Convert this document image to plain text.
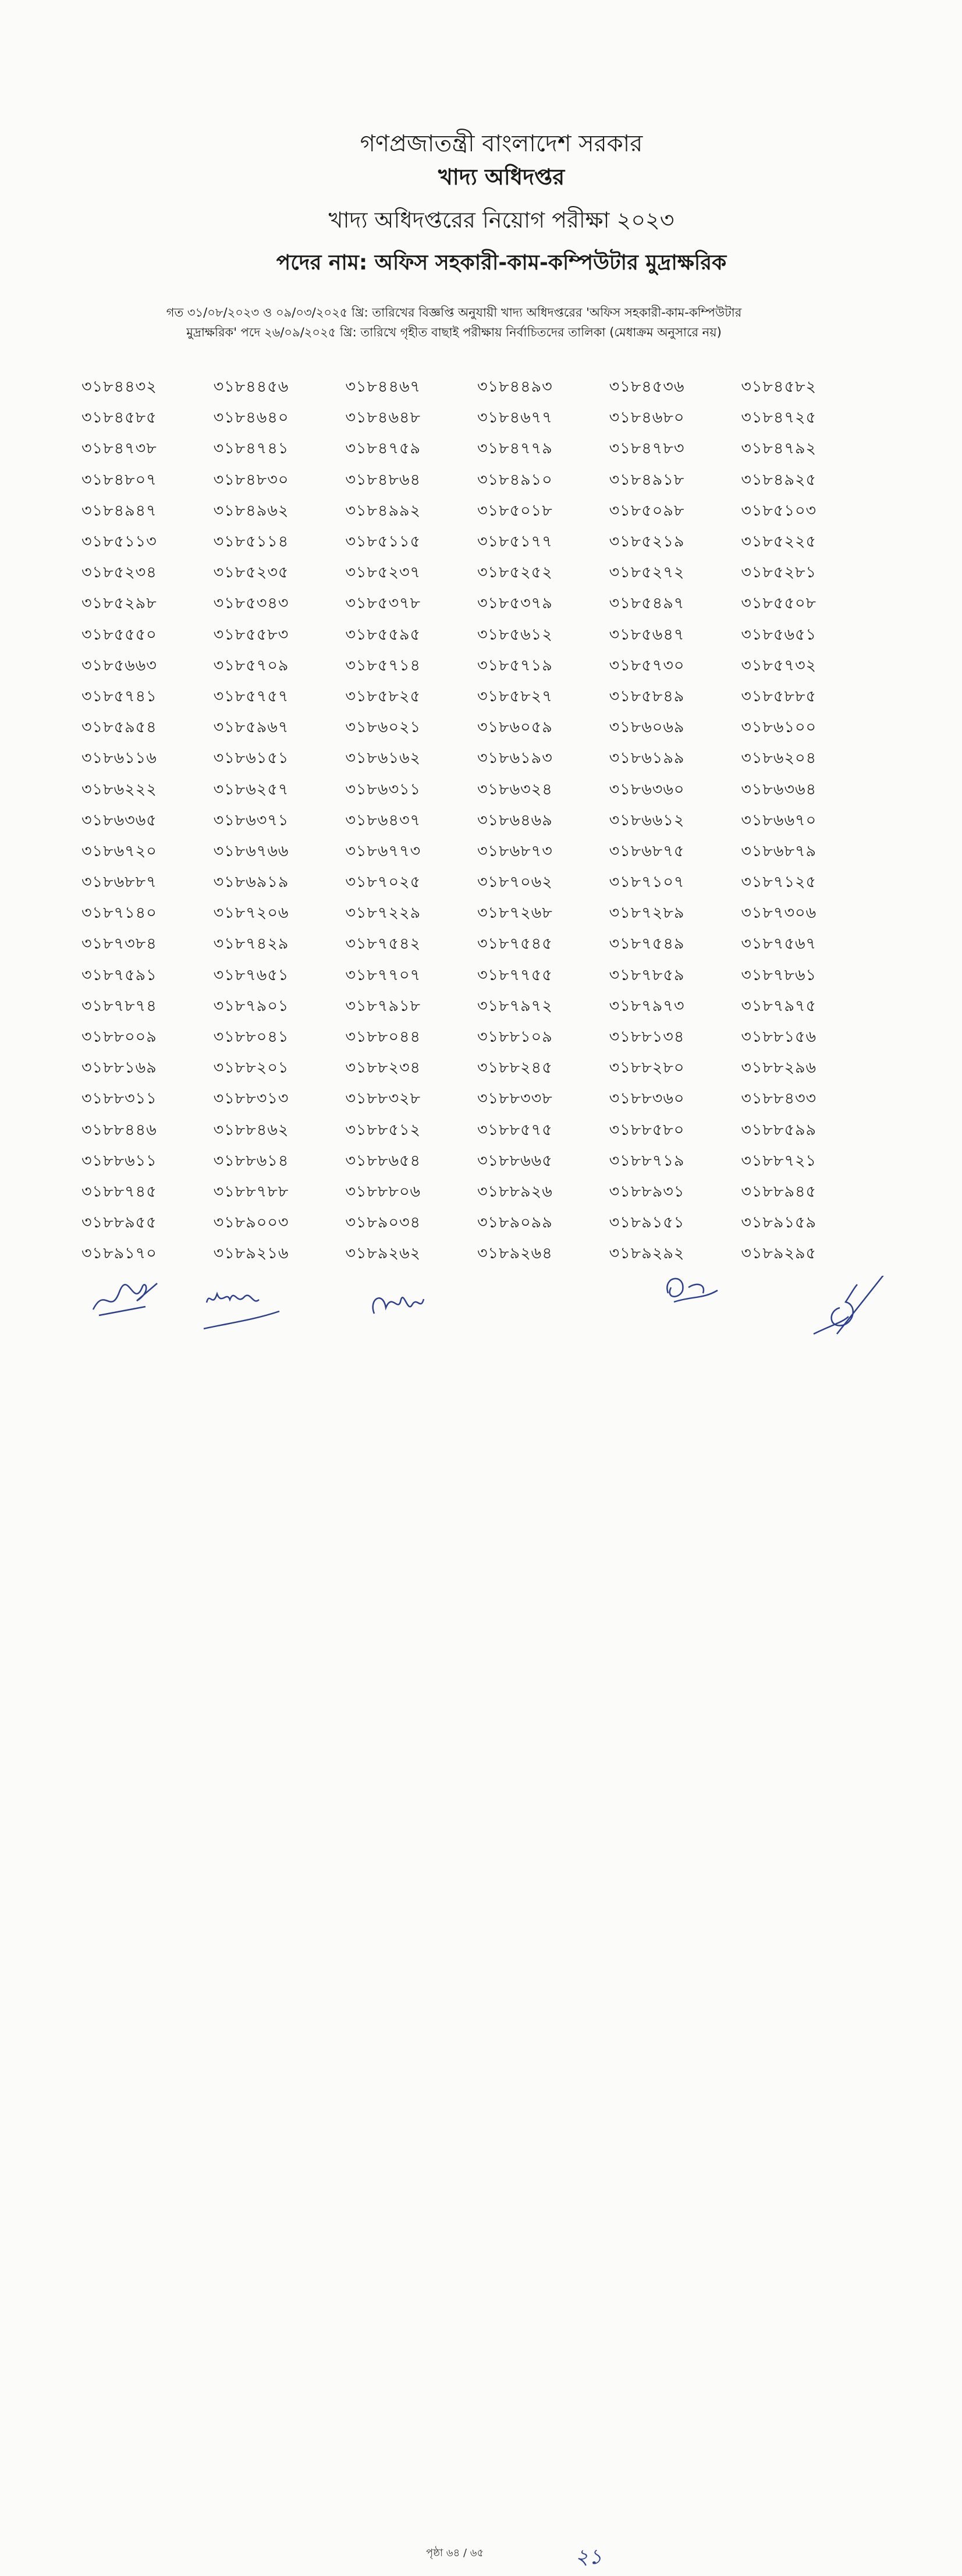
গণপ্রজাতন্ত্রী বাংলাদেশ সরকার
খাদ্য অধিদপ্তর
খাদ্য অধিদপ্তরের নিয়োগ পরীক্ষা ২০২৩
পদের নাম: অফিস সহকারী-কাম-কম্পিউটার মুদ্রাক্ষরিক
গত ৩১/০৮/২০২৩ ও ০৯/০৩/২০২৫ খ্রি: তারিখের বিজ্ঞপ্তি অনুযায়ী খাদ্য অধিদপ্তরের 'অফিস সহকারী-কাম-কম্পিউটার
মুদ্রাক্ষরিক' পদে ২৬/০৯/২০২৫ খ্রি: তারিখে গৃহীত বাছাই পরীক্ষায় নির্বাচিতদের তালিকা (মেধাক্রম অনুসারে নয়)
৩১৮৪৪৩২	৩১৮৪৪৫৬	৩১৮৪৪৬৭	৩১৮৪৪৯৩	৩১৮৪৫৩৬	৩১৮৪৫৮২
৩১৮৪৫৮৫	৩১৮৪৬৪০	৩১৮৪৬৪৮	৩১৮৪৬৭৭	৩১৮৪৬৮০	৩১৮৪৭২৫
৩১৮৪৭৩৮	৩১৮৪৭৪১	৩১৮৪৭৫৯	৩১৮৪৭৭৯	৩১৮৪৭৮৩	৩১৮৪৭৯২
৩১৮৪৮০৭	৩১৮৪৮৩০	৩১৮৪৮৬৪	৩১৮৪৯১০	৩১৮৪৯১৮	৩১৮৪৯২৫
৩১৮৪৯৪৭	৩১৮৪৯৬২	৩১৮৪৯৯২	৩১৮৫০১৮	৩১৮৫০৯৮	৩১৮৫১০৩
৩১৮৫১১৩	৩১৮৫১১৪	৩১৮৫১১৫	৩১৮৫১৭৭	৩১৮৫২১৯	৩১৮৫২২৫
৩১৮৫২৩৪	৩১৮৫২৩৫	৩১৮৫২৩৭	৩১৮৫২৫২	৩১৮৫২৭২	৩১৮৫২৮১
৩১৮৫২৯৮	৩১৮৫৩৪৩	৩১৮৫৩৭৮	৩১৮৫৩৭৯	৩১৮৫৪৯৭	৩১৮৫৫০৮
৩১৮৫৫৫০	৩১৮৫৫৮৩	৩১৮৫৫৯৫	৩১৮৫৬১২	৩১৮৫৬৪৭	৩১৮৫৬৫১
৩১৮৫৬৬৩	৩১৮৫৭০৯	৩১৮৫৭১৪	৩১৮৫৭১৯	৩১৮৫৭৩০	৩১৮৫৭৩২
৩১৮৫৭৪১	৩১৮৫৭৫৭	৩১৮৫৮২৫	৩১৮৫৮২৭	৩১৮৫৮৪৯	৩১৮৫৮৮৫
৩১৮৫৯৫৪	৩১৮৫৯৬৭	৩১৮৬০২১	৩১৮৬০৫৯	৩১৮৬০৬৯	৩১৮৬১০০
৩১৮৬১১৬	৩১৮৬১৫১	৩১৮৬১৬২	৩১৮৬১৯৩	৩১৮৬১৯৯	৩১৮৬২০৪
৩১৮৬২২২	৩১৮৬২৫৭	৩১৮৬৩১১	৩১৮৬৩২৪	৩১৮৬৩৬০	৩১৮৬৩৬৪
৩১৮৬৩৬৫	৩১৮৬৩৭১	৩১৮৬৪৩৭	৩১৮৬৪৬৯	৩১৮৬৬১২	৩১৮৬৬৭০
৩১৮৬৭২০	৩১৮৬৭৬৬	৩১৮৬৭৭৩	৩১৮৬৮৭৩	৩১৮৬৮৭৫	৩১৮৬৮৭৯
৩১৮৬৮৮৭	৩১৮৬৯১৯	৩১৮৭০২৫	৩১৮৭০৬২	৩১৮৭১০৭	৩১৮৭১২৫
৩১৮৭১৪০	৩১৮৭২০৬	৩১৮৭২২৯	৩১৮৭২৬৮	৩১৮৭২৮৯	৩১৮৭৩০৬
৩১৮৭৩৮৪	৩১৮৭৪২৯	৩১৮৭৫৪২	৩১৮৭৫৪৫	৩১৮৭৫৪৯	৩১৮৭৫৬৭
৩১৮৭৫৯১	৩১৮৭৬৫১	৩১৮৭৭০৭	৩১৮৭৭৫৫	৩১৮৭৮৫৯	৩১৮৭৮৬১
৩১৮৭৮৭৪	৩১৮৭৯০১	৩১৮৭৯১৮	৩১৮৭৯৭২	৩১৮৭৯৭৩	৩১৮৭৯৭৫
৩১৮৮০০৯	৩১৮৮০৪১	৩১৮৮০৪৪	৩১৮৮১০৯	৩১৮৮১৩৪	৩১৮৮১৫৬
৩১৮৮১৬৯	৩১৮৮২০১	৩১৮৮২৩৪	৩১৮৮২৪৫	৩১৮৮২৮০	৩১৮৮২৯৬
৩১৮৮৩১১	৩১৮৮৩১৩	৩১৮৮৩২৮	৩১৮৮৩৩৮	৩১৮৮৩৬০	৩১৮৮৪৩৩
৩১৮৮৪৪৬	৩১৮৮৪৬২	৩১৮৮৫১২	৩১৮৮৫৭৫	৩১৮৮৫৮০	৩১৮৮৫৯৯
৩১৮৮৬১১	৩১৮৮৬১৪	৩১৮৮৬৫৪	৩১৮৮৬৬৫	৩১৮৮৭১৯	৩১৮৮৭২১
৩১৮৮৭৪৫	৩১৮৮৭৮৮	৩১৮৮৮০৬	৩১৮৮৯২৬	৩১৮৮৯৩১	৩১৮৮৯৪৫
৩১৮৮৯৫৫	৩১৮৯০০৩	৩১৮৯০৩৪	৩১৮৯০৯৯	৩১৮৯১৫১	৩১৮৯১৫৯
৩১৮৯১৭০	৩১৮৯২১৬	৩১৮৯২৬২	৩১৮৯২৬৪	৩১৮৯২৯২	৩১৮৯২৯৫
পৃষ্ঠা ৬৪ / ৬৫	২১
